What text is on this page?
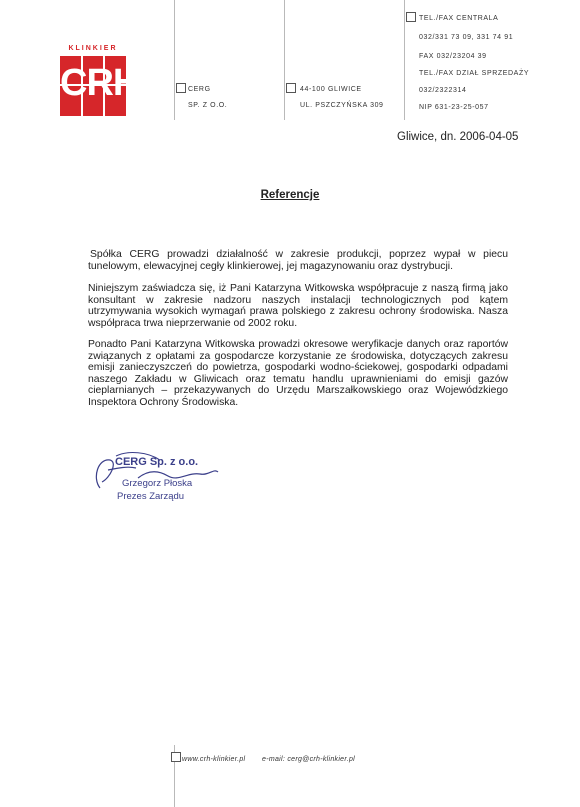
KLINKIER
CRH	CERG
SP. Z O.O.
44-100 GLIWICE
UL. PSZCZYŃSKA 309
TEL./FAX CENTRALA
032/331 73 09, 331 74 91
FAX 032/23204 39
TEL./FAX DZIAŁ SPRZEDAŻY
032/2322314
NIP 631-23-25-057
Gliwice, dn. 2006-04-05
Referencje

Spółka CERG prowadzi działalność w zakresie produkcji, poprzez wypał w piecu tunelowym, elewacyjnej cegły klinkierowej, jej magazynowaniu oraz dystrybucji.

Niniejszym zaświadcza się, iż Pani Katarzyna Witkowska współpracuje z naszą firmą jako konsultant w zakresie nadzoru naszych instalacji technologicznych pod kątem utrzymywania wysokich wymagań prawa polskiego z zakresu ochrony środowiska. Nasza współpraca trwa nieprzerwanie od 2002 roku.

Ponadto Pani Katarzyna Witkowska prowadzi okresowe weryfikacje danych oraz raportów związanych z opłatami za gospodarcze korzystanie ze środowiska, dotyczących zakresu emisji zanieczyszczeń do powietrza, gospodarki wodno-ściekowej, gospodarki odpadami naszego Zakładu w Gliwicach oraz tematu handlu uprawnieniami do emisji gazów cieplarnianych – przekazywanych do Urzędu Marszałkowskiego oraz Wojewódzkiego Inspektora Ochrony Środowiska.

CERG Sp. z o.o.
Grzegorz Płoska
Prezes Zarządu
www.crh-klinkier.pl e-mail: cerg@crh-klinkier.pl
